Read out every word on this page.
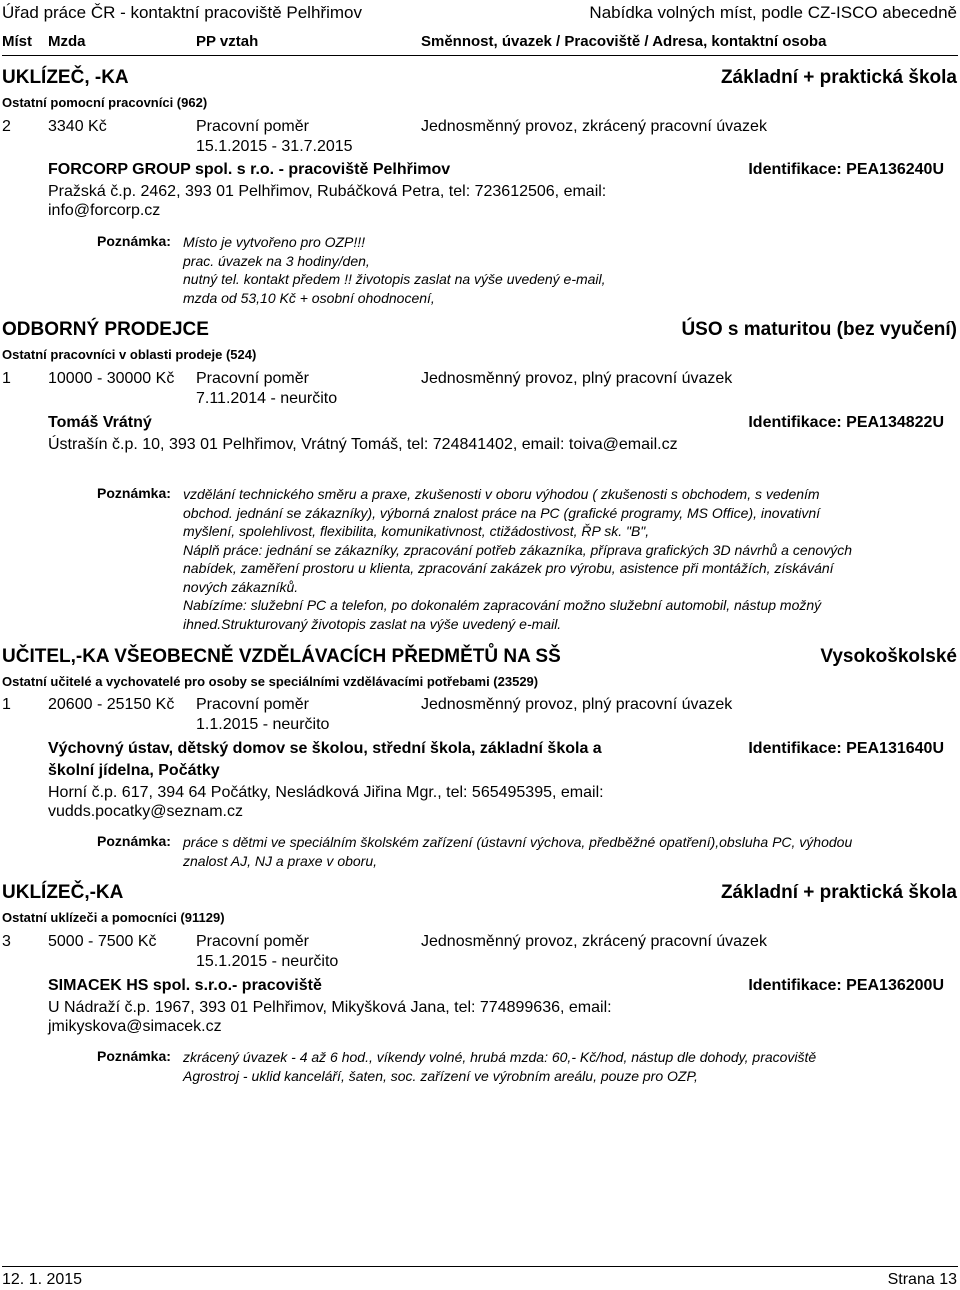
Úřad práce ČR - kontaktní pracoviště Pelhřimov	Nabídka volných míst, podle CZ-ISCO abecedně
Míst Mzda	PP vztah	Směnnost, úvazek / Pracoviště / Adresa, kontaktní osoba
UKLÍZEČ, -KA	Základní + praktická škola
Ostatní pomocní pracovníci (962)
2 3340 Kč	Pracovní poměr	Jednosměnný provoz, zkrácený pracovní úvazek
15.1.2015 - 31.7.2015
FORCORP GROUP spol. s r.o. - pracoviště Pelhřimov	Identifikace: PEA136240U
Pražská č.p. 2462, 393 01 Pelhřimov, Rubáčková Petra, tel: 723612506, email: info@forcorp.cz
Poznámka: Místo je vytvořeno pro OZP!!!
prac. úvazek na 3 hodiny/den,
nutný tel. kontakt předem !! životopis zaslat na výše uvedený e-mail,
mzda od 53,10 Kč + osobní ohodnocení,
ODBORNÝ PRODEJCE	ÚSO s maturitou (bez vyučení)
Ostatní pracovníci v oblasti prodeje (524)
1 10000 - 30000 Kč Pracovní poměr	Jednosměnný provoz, plný pracovní úvazek
7.11.2014 - neurčito
Tomáš Vrátný	Identifikace: PEA134822U
Ústrašín č.p. 10, 393 01 Pelhřimov, Vrátný Tomáš, tel: 724841402, email: toiva@email.cz
Poznámka: vzdělání technického směru a praxe, zkušenosti v oboru výhodou ( zkušenosti s obchodem, s vedením
obchod. jednání se zákazníky), výborná znalost práce na PC (grafické programy, MS Office), inovativní
myšlení, spolehlivost, flexibilita, komunikativnost, ctižádostivost, ŘP sk. "B",
Náplň práce: jednání se zákazníky, zpracování potřeb zákazníka, příprava grafických 3D návrhů a cenových
nabídek, zaměření prostoru u klienta, zpracování zakázek pro výrobu, asistence při montážích, získávání
nových zákazníků.
Nabízíme: služební PC a telefon, po dokonalém zapracování možno služební automobil, nástup možný
ihned.Strukturovaný životopis zaslat na výše uvedený e-mail.
UČITEL,-KA VŠEOBECNĚ VZDĚLÁVACÍCH PŘEDMĚTŮ NA SŠ	Vysokoškolské
Ostatní učitelé a vychovatelé pro osoby se speciálními vzdělávacími potřebami (23529)
1 20600 - 25150 Kč Pracovní poměr	Jednosměnný provoz, plný pracovní úvazek
1.1.2015 - neurčito
Výchovný ústav, dětský domov se školou, střední škola, základní škola a
školní jídelna, Počátky
Identifikace: PEA131640U
Horní č.p. 617, 394 64 Počátky, Nesládková Jiřina Mgr., tel: 565495395, email: vudds.pocatky@seznam.cz
Poznámka: práce s dětmi ve speciálním školském zařízení (ústavní výchova, předběžné opatření),obsluha PC, výhodou
znalost AJ, NJ a praxe v oboru,
UKLÍZEČ,-KA	Základní + praktická škola
Ostatní uklízeči a pomocníci (91129)
3 5000 - 7500 Kč Pracovní poměr	Jednosměnný provoz, zkrácený pracovní úvazek
15.1.2015 - neurčito
SIMACEK HS spol. s.r.o.- pracoviště	Identifikace: PEA136200U
U Nádraží č.p. 1967, 393 01 Pelhřimov, Mikyšková Jana, tel: 774899636, email: jmikyskova@simacek.cz
Poznámka: zkrácený úvazek - 4 až 6 hod., víkendy volné, hrubá mzda: 60,- Kč/hod, nástup dle dohody, pracoviště
Agrostroj - uklid kanceláří, šaten, soc. zařízení ve výrobním areálu, pouze pro OZP,
12. 1. 2015	Strana 13
